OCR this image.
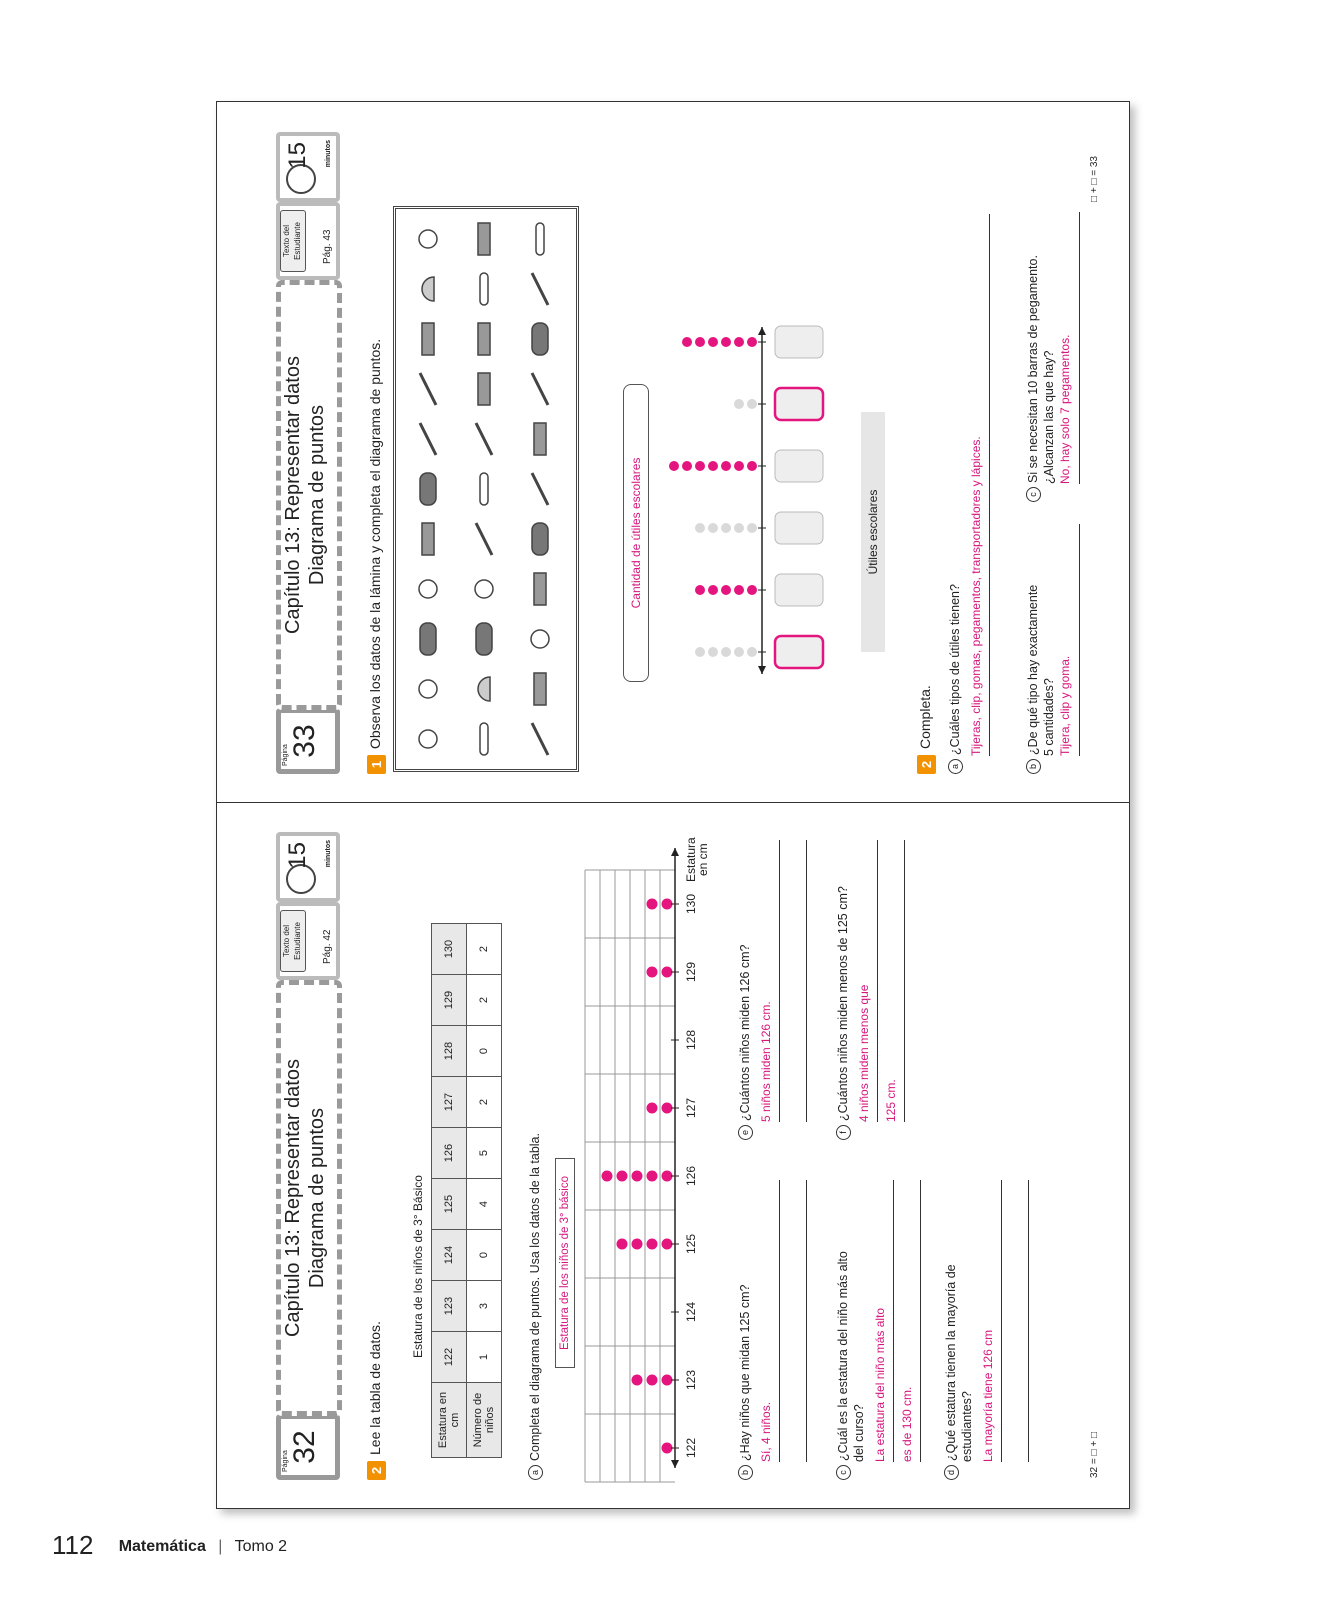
Página 33
Capítulo 13: Representar datos Diagrama de puntos
Texto del Estudiante	Pág. 43
15 minutos
1Observa los datos de la lámina y completa el diagrama de puntos.	Cantidad de útiles escolares	Útiles escolares
2Completa.
a¿Cuáles tipos de útiles tienen? Tijeras, clip, gomas, pegamentos, transportadores y lápices.
b¿De qué tipo hay exactamente 5 cantidades? Tijera, clip y goma.
cSi se necesitan 10 barras de pegamento. ¿Alcanzan las que hay? No, hay solo 7 pegamentos.
□ + □ = 33
Página 32
Capítulo 13: Representar datos Diagrama de puntos
Texto del Estudiante	Pág. 42
15 minutos
2Lee la tabla de datos.
Estatura de los niños de 3° Básico
Estatura en cm	122	123	124	125	126	127	128	129	130
Número de niños	1	3	0	4	5	2	0	2	2
aCompleta el diagrama de puntos. Usa los datos de la tabla.	Estatura de los niños de 3° básico
122
123
124
125
126
127
128
129
130
Estatura
en cm
b¿Hay niños que midan 125 cm? Sí, 4 niños.
e¿Cuántos niños miden 126 cm? 5 niños miden 126 cm.
c¿Cuál es la estatura del niño más alto del curso? La estatura del niño más alto	es de 130 cm.
f¿Cuántos niños miden menos de 125 cm? 4 niños miden menos que	125 cm.
d¿Qué estatura tienen la mayoría de estudiantes? La mayoría tiene 126 cm	32 = □ + □
112 Matemática | Tomo 2
